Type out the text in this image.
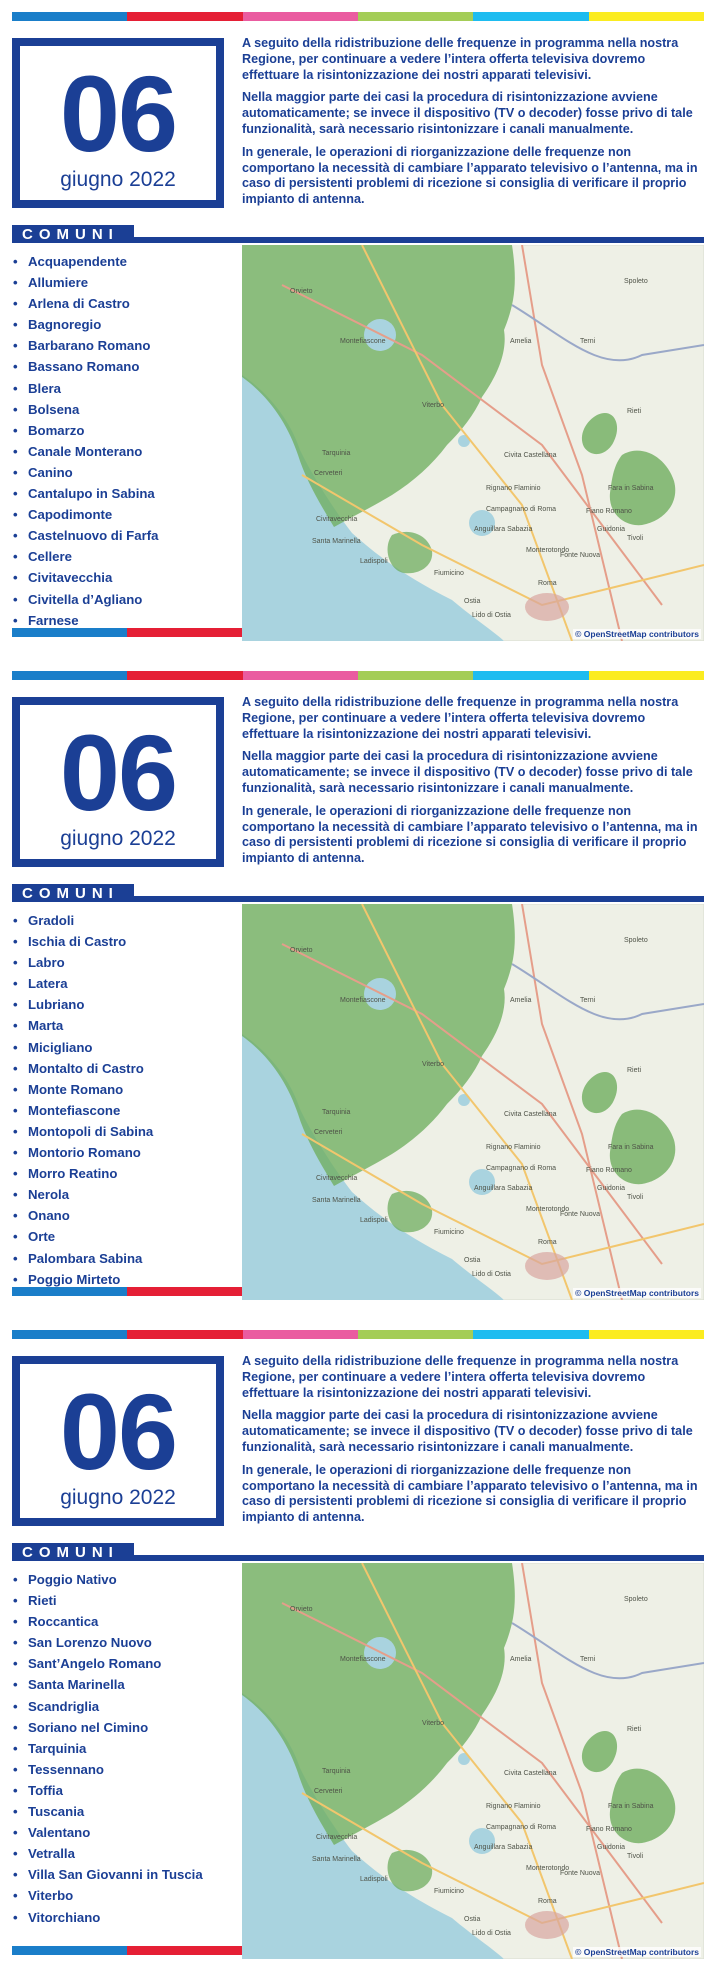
06
giugno 2022

A seguito della ridistribuzione delle frequenze in programma nella nostra Regione, per continuare a vedere l’intera offerta televisiva dovremo effettuare la risintonizzazione dei nostri apparati televisivi.

Nella maggior parte dei casi la procedura di risintonizzazione avviene automaticamente; se invece il dispositivo (TV o decoder) fosse privo di tale funzionalità, sarà necessario risintonizzare i canali manualmente.

In generale, le operazioni di riorganizzazione delle frequenze non comportano la necessità di cambiare l’apparato televisivo o l’antenna, ma in caso di persistenti problemi di ricezione si consiglia di verificare il proprio impianto di antenna.

COMUNI
• Acquapendente
• Allumiere
• Arlena di Castro
• Bagnoregio
• Barbarano Romano
• Bassano Romano
• Blera
• Bolsena
• Bomarzo
• Canale Monterano
• Canino
• Cantalupo in Sabina
• Capodimonte
• Castelnuovo di Farfa
• Cellere
• Civitavecchia
• Civitella d’Agliano
• Farnese
Orvieto
Spoleto
Montefiascone	Amelia	Terni
Viterbo
Rieti
Civita Castellana
Tarquinia
Rignano Flaminio	Fara in Sabina
Campagnano di Roma	Fiano Romano
Anguillara Sabazia
Cerveteri
Civitavecchia
Santa Marinella
Monterotondo
Fonte Nuova
Ladispoli
Roma
Fiumicino
Tivoli
Guidonia
Ostia
Lido di Ostia
© OpenStreetMap contributors
06
giugno 2022

A seguito della ridistribuzione delle frequenze in programma nella nostra Regione, per continuare a vedere l’intera offerta televisiva dovremo effettuare la risintonizzazione dei nostri apparati televisivi.

Nella maggior parte dei casi la procedura di risintonizzazione avviene automaticamente; se invece il dispositivo (TV o decoder) fosse privo di tale funzionalità, sarà necessario risintonizzare i canali manualmente.

In generale, le operazioni di riorganizzazione delle frequenze non comportano la necessità di cambiare l’apparato televisivo o l’antenna, ma in caso di persistenti problemi di ricezione si consiglia di verificare il proprio impianto di antenna.

COMUNI
• Gradoli
• Ischia di Castro
• Labro
• Latera
• Lubriano
• Marta
• Micigliano
• Montalto di Castro
• Monte Romano
• Montefiascone
• Montopoli di Sabina
• Montorio Romano
• Morro Reatino
• Nerola
• Onano
• Orte
• Palombara Sabina
• Poggio Mirteto
Orvieto
Spoleto
Montefiascone	Amelia	Terni
Viterbo
Rieti
Civita Castellana
Tarquinia
Rignano Flaminio	Fara in Sabina
Campagnano di Roma	Fiano Romano
Anguillara Sabazia
Cerveteri
Civitavecchia
Santa Marinella
Monterotondo
Fonte Nuova
Ladispoli
Roma
Fiumicino
Tivoli
Guidonia
Ostia
Lido di Ostia
© OpenStreetMap contributors
06
giugno 2022

A seguito della ridistribuzione delle frequenze in programma nella nostra Regione, per continuare a vedere l’intera offerta televisiva dovremo effettuare la risintonizzazione dei nostri apparati televisivi.

Nella maggior parte dei casi la procedura di risintonizzazione avviene automaticamente; se invece il dispositivo (TV o decoder) fosse privo di tale funzionalità, sarà necessario risintonizzare i canali manualmente.

In generale, le operazioni di riorganizzazione delle frequenze non comportano la necessità di cambiare l’apparato televisivo o l’antenna, ma in caso di persistenti problemi di ricezione si consiglia di verificare il proprio impianto di antenna.

COMUNI
• Poggio Nativo
• Rieti
• Roccantica
• San Lorenzo Nuovo
• Sant’Angelo Romano
• Santa Marinella
• Scandriglia
• Soriano nel Cimino
• Tarquinia
• Tessennano
• Toffia
• Tuscania
• Valentano
• Vetralla
• Villa San Giovanni in Tuscia
• Viterbo
• Vitorchiano
Orvieto
Spoleto
Montefiascone	Amelia	Terni
Viterbo
Rieti
Civita Castellana
Tarquinia
Rignano Flaminio	Fara in Sabina
Campagnano di Roma	Fiano Romano
Anguillara Sabazia
Cerveteri
Civitavecchia
Santa Marinella
Monterotondo
Fonte Nuova
Ladispoli
Roma
Fiumicino
Tivoli
Guidonia
Ostia
Lido di Ostia
© OpenStreetMap contributors
